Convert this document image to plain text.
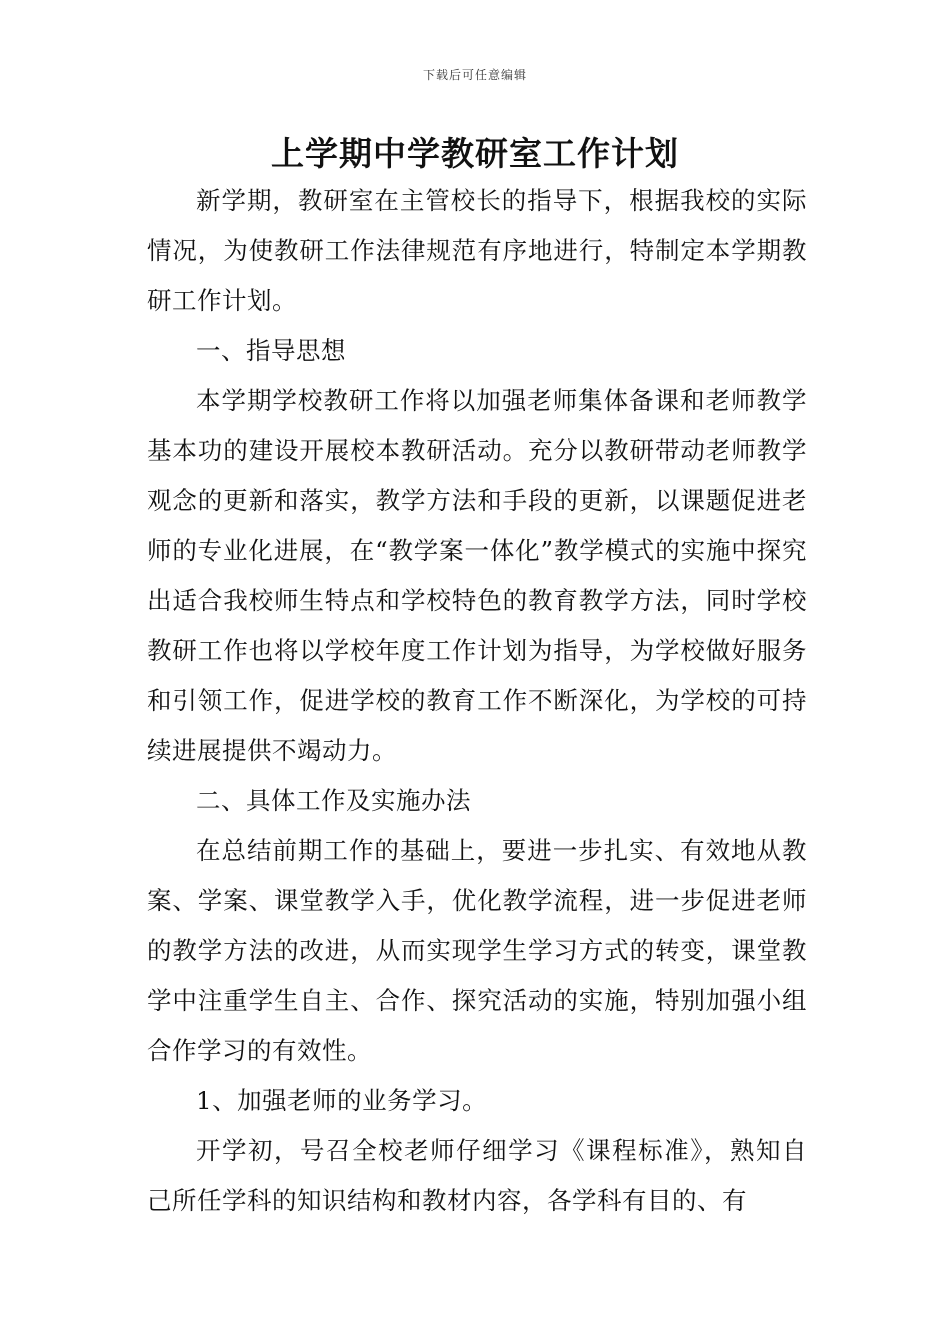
下载后可任意编辑
上学期中学教研室工作计划

新学期，教研室在主管校长的指导下，根据我校的实际情况，为使教研工作法律规范有序地进行，特制定本学期教研工作计划。

一、指导思想

本学期学校教研工作将以加强老师集体备课和老师教学基本功的建设开展校本教研活动。充分以教研带动老师教学观念的更新和落实，教学方法和手段的更新，以课题促进老师的专业化进展，在“教学案一体化”教学模式的实施中探究出适合我校师生特点和学校特色的教育教学方法，同时学校教研工作也将以学校年度工作计划为指导，为学校做好服务和引领工作，促进学校的教育工作不断深化，为学校的可持续进展提供不竭动力。

二、具体工作及实施办法

在总结前期工作的基础上，要进一步扎实、有效地从教案、学案、课堂教学入手，优化教学流程，进一步促进老师的教学方法的改进，从而实现学生学习方式的转变，课堂教学中注重学生自主、合作、探究活动的实施，特别加强小组合作学习的有效性。

1、加强老师的业务学习。

开学初，号召全校老师仔细学习《课程标准》，熟知自己所任学科的知识结构和教材内容，各学科有目的、有
